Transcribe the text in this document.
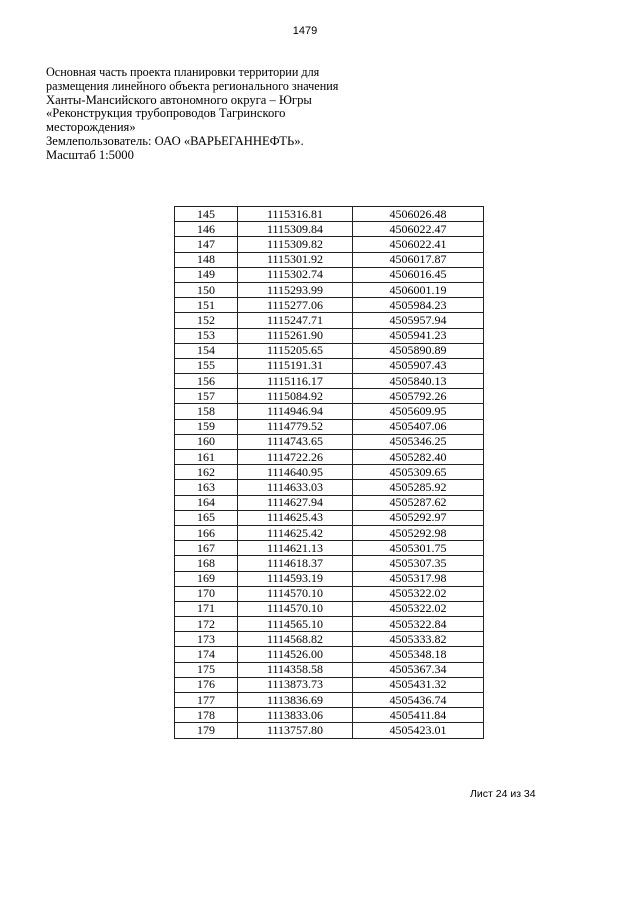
1479
Основная часть проекта планировки территории для
размещения линейного объекта регионального значения
Ханты-Мансийского автономного округа – Югры
«Реконструкция трубопроводов Тагринского
месторождения»
Землепользователь: ОАО «ВАРЬЕГАННЕФТЬ».
Масштаб 1:5000
145	1115316.81	4506026.48
146	1115309.84	4506022.47
147	1115309.82	4506022.41
148	1115301.92	4506017.87
149	1115302.74	4506016.45
150	1115293.99	4506001.19
151	1115277.06	4505984.23
152	1115247.71	4505957.94
153	1115261.90	4505941.23
154	1115205.65	4505890.89
155	1115191.31	4505907.43
156	1115116.17	4505840.13
157	1115084.92	4505792.26
158	1114946.94	4505609.95
159	1114779.52	4505407.06
160	1114743.65	4505346.25
161	1114722.26	4505282.40
162	1114640.95	4505309.65
163	1114633.03	4505285.92
164	1114627.94	4505287.62
165	1114625.43	4505292.97
166	1114625.42	4505292.98
167	1114621.13	4505301.75
168	1114618.37	4505307.35
169	1114593.19	4505317.98
170	1114570.10	4505322.02
171	1114570.10	4505322.02
172	1114565.10	4505322.84
173	1114568.82	4505333.82
174	1114526.00	4505348.18
175	1114358.58	4505367.34
176	1113873.73	4505431.32
177	1113836.69	4505436.74
178	1113833.06	4505411.84
179	1113757.80	4505423.01
Лист 24 из 34
